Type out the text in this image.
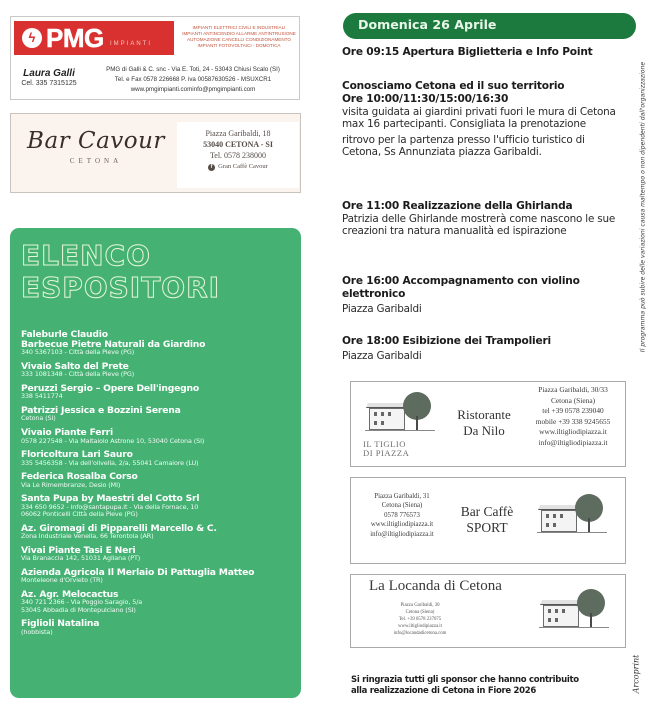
ϟ PMG IMPIANTI
IMPIANTI ELETTRICI CIVILI E INDUSTRIALI
IMPIANTI ANTINCENDIO ALLARME ANTINTRUSIONE
AUTOMAZIONE CANCELLI CONDIZIONAMENTO
IMPIANTI FOTOVOLTAICI - DOMOTICA
Laura Galli
Cel. 335 7315125
PMG di Galli & C. snc - Via E. Toti, 24 - 53043 Chiusi Scalo (SI)
Tel. e Fax 0578 226668 P. iva 00587630526 - MSUXCR1
www.pmgimpianti.cominfo@pmgimpianti.com
Bar Cavour
CETONA
Piazza Garibaldi, 18
53040 CETONA - SI
Tel. 0578 238000
f Gran Caffè Cavour
ELENCO
ESPOSITORI
Faleburle Claudio
Barbecue Pietre Naturali da Giardino
340 5367103 - Città della Pieve (PG)
Vivaio Salto del Prete
333 1081348 - Città della Pieve (PG)
Peruzzi Sergio – Opere Dell'ingegno
338 5411774
Patrizzi Jessica e Bozzini Serena
Cetona (SI)
Vivaio Piante Ferri
0578 227548 - Via Maltaiolo Astrone 10, 53040 Cetona (SI)
Floricoltura Lari Sauro
335 5456358 - Via dell'olivella, 2/a, 55041 Camaiore (LU)
Federica Rosalba Corso
Via Le Rimembranze, Desio (MI)
Santa Pupa by Maestri del Cotto Srl
334 650 9652 - info@santapupa.it - Via della Fornace, 10
06062 Ponticelli Città della Pieve (PG)
Az. Giromagi di Pipparelli Marcello & C.
Zona Industriale Venella, 66 Terontola (AR)
Vivai Piante Tasi E Neri
Via Branaccia 142, 51031 Agliana (PT)
Azienda Agricola Il Merlaio Di Pattuglia Matteo
Monteleone d'Orvieto (TR)
Az. Agr. Melocactus
340 721 2366 - Via Poggio Saragio, 5/a
53045 Abbadia di Montepulciano (SI)
Figlioli Natalina
(hobbista)
Domenica 26 Aprile
Ore 09:15 Apertura Biglietteria e Info Point
Conosciamo Cetona ed il suo territorio
Ore 10:00/11:30/15:00/16:30
visita guidata ai giardini privati fuori le mura di Cetona max 16 partecipanti. Consigliata la prenotazione
ritrovo per la partenza presso l'ufficio turistico di Cetona, Ss Annunziata piazza Garibaldi.
Ore 11:00 Realizzazione della Ghirlanda
Patrizia delle Ghirlande mostrerà come nascono le sue creazioni tra natura manualità ed ispirazione
Ore 16:00 Accompagnamento con violino elettronico
Piazza Garibaldi
Ore 18:00 Esibizione dei Trampolieri
Piazza Garibaldi
Il programma può subire delle variazioni causa maltempo o non dipendenti dall'organizzazione
IL TIGLIO
DI PIAZZA
Ristorante
Da Nilo
Piazza Garibaldi, 30/33
Cetona (Siena)
tel +39 0578 239040
mobile +39 338 9245655
www.iltigliodipiazza.it
info@iltigliodipiazza.it
Piazza Garibaldi, 31
Cetona (Siena)
0578 776573
www.iltigliodipiazza.it
info@iltigliodipiazza.it
Bar Caffè
SPORT
La Locanda di Cetona
Piazza Garibaldi, 30
Cetona (Siena)
Tel. +39 0578 237075
www.iltigliodipiazza.it
info@locandadicetona.com
Si ringrazia tutti gli sponsor che hanno contribuito
alla realizzazione di Cetona in Fiore 2026	Arcoprint
